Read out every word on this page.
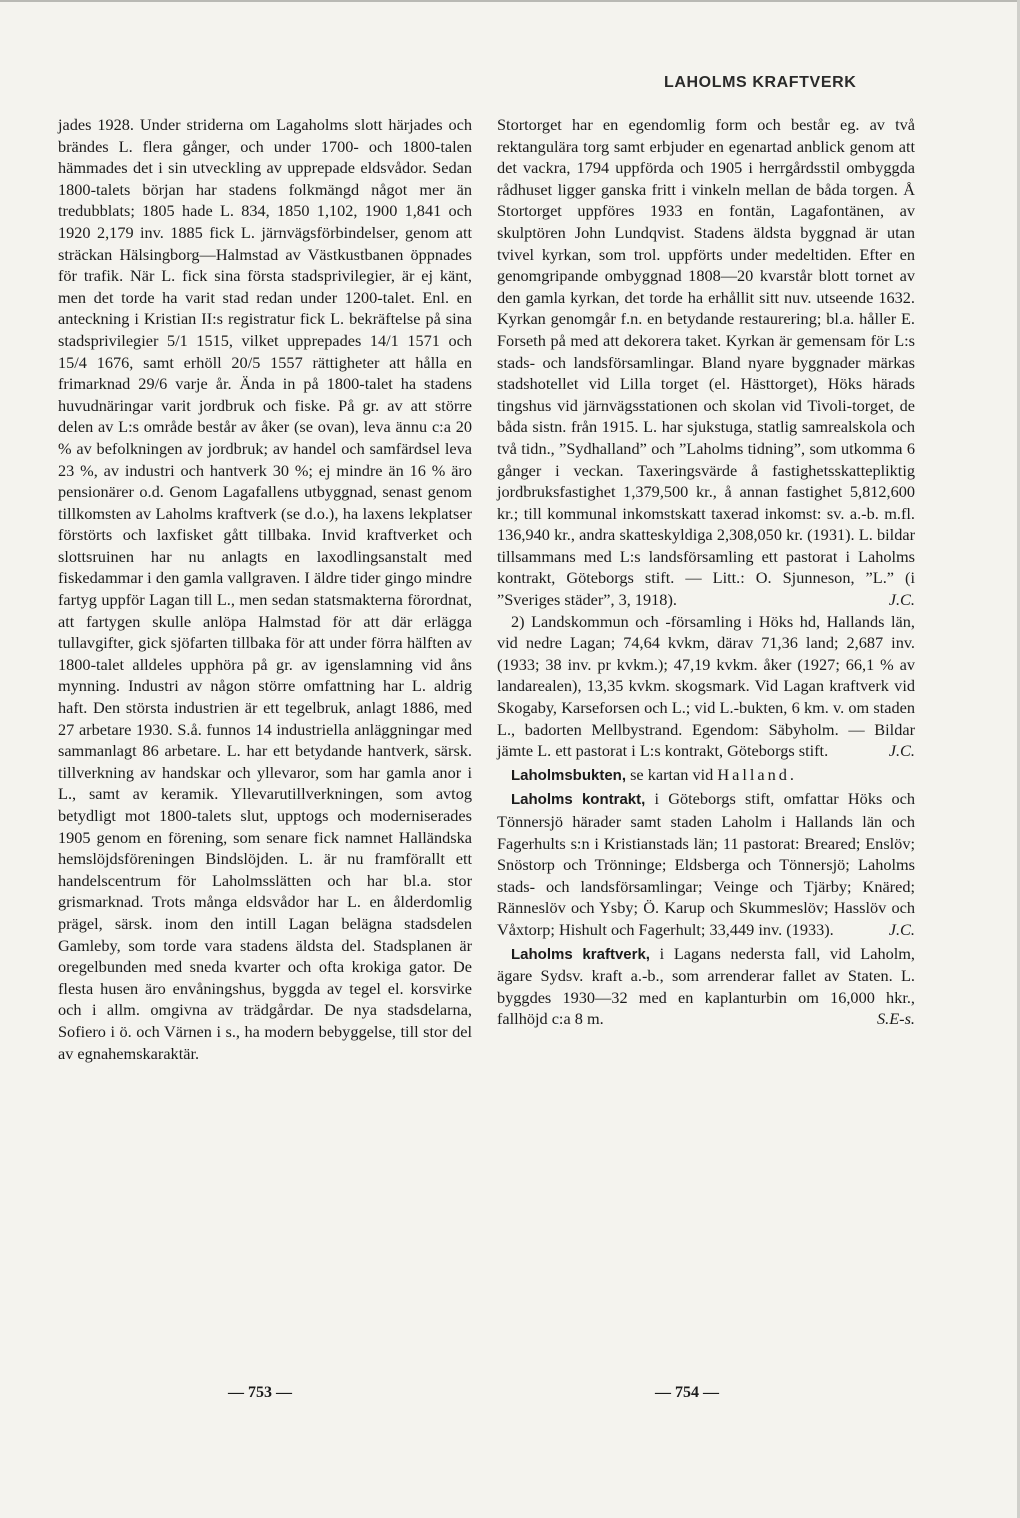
LAHOLMS KRAFTVERK

jades 1928. Under striderna om Lagaholms slott härjades och brändes L. flera gånger, och under 1700- och 1800-talen hämmades det i sin utveckling av upprepade eldsvådor. Sedan 1800-talets början har stadens folkmängd något mer än tredubblats; 1805 hade L. 834, 1850 1,102, 1900 1,841 och 1920 2,179 inv. 1885 fick L. järnvägsförbindelser, genom att sträckan Hälsingborg—Halmstad av Västkustbanen öppnades för trafik. När L. fick sina första stadsprivilegier, är ej känt, men det torde ha varit stad redan under 1200-talet. Enl. en anteckning i Kristian II:s registratur fick L. bekräftelse på sina stadsprivilegier 5/1 1515, vilket upprepades 14/1 1571 och 15/4 1676, samt erhöll 20/5 1557 rättigheter att hålla en frimarknad 29/6 varje år. Ända in på 1800-talet ha stadens huvudnäringar varit jordbruk och fiske. På gr. av att större delen av L:s område består av åker (se ovan), leva ännu c:a 20 % av befolkningen av jordbruk; av handel och samfärdsel leva 23 %, av industri och hantverk 30 %; ej mindre än 16 % äro pensionärer o.d. Genom Lagafallens utbyggnad, senast genom tillkomsten av Laholms kraftverk (se d.o.), ha laxens lekplatser förstörts och laxfisket gått tillbaka. Invid kraftverket och slottsruinen har nu anlagts en laxodlingsanstalt med fiskedammar i den gamla vallgraven. I äldre tider gingo mindre fartyg uppför Lagan till L., men sedan statsmakterna förordnat, att fartygen skulle anlöpa Halmstad för att där erlägga tullavgifter, gick sjöfarten tillbaka för att under förra hälften av 1800-talet alldeles upphöra på gr. av igenslamning vid åns mynning. Industri av någon större omfattning har L. aldrig haft. Den största industrien är ett tegelbruk, anlagt 1886, med 27 arbetare 1930. S.å. funnos 14 industriella anläggningar med sammanlagt 86 arbetare. L. har ett betydande hantverk, särsk. tillverkning av handskar och yllevaror, som har gamla anor i L., samt av keramik. Yllevarutillverkningen, som avtog betydligt mot 1800-talets slut, upptogs och moderniserades 1905 genom en förening, som senare fick namnet Halländska hemslöjdsföreningen Bindslöjden. L. är nu framförallt ett handelscentrum för Laholmsslätten och har bl.a. stor grismarknad. Trots många eldsvådor har L. en ålderdomlig prägel, särsk. inom den intill Lagan belägna stadsdelen Gamleby, som torde vara stadens äldsta del. Stadsplanen är oregelbunden med sneda kvarter och ofta krokiga gator. De flesta husen äro envåningshus, byggda av tegel el. korsvirke och i allm. omgivna av trädgårdar. De nya stadsdelarna, Sofiero i ö. och Värnen i s., ha modern bebyggelse, till stor del av egnahemskaraktär.

Stortorget har en egendomlig form och består eg. av två rektangulära torg samt erbjuder en egenartad anblick genom att det vackra, 1794 uppförda och 1905 i herrgårdsstil ombyggda rådhuset ligger ganska fritt i vinkeln mellan de båda torgen. Å Stortorget uppföres 1933 en fontän, Lagafontänen, av skulptören John Lundqvist. Stadens äldsta byggnad är utan tvivel kyrkan, som trol. uppförts under medeltiden. Efter en genomgripande ombyggnad 1808—20 kvarstår blott tornet av den gamla kyrkan, det torde ha erhållit sitt nuv. utseende 1632. Kyrkan genomgår f.n. en betydande restaurering; bl.a. håller E. Forseth på med att dekorera taket. Kyrkan är gemensam för L:s stads- och landsförsamlingar. Bland nyare byggnader märkas stadshotellet vid Lilla torget (el. Hästtorget), Höks härads tingshus vid järnvägsstationen och skolan vid Tivoli-torget, de båda sistn. från 1915. L. har sjukstuga, statlig samrealskola och två tidn., ”Sydhalland” och ”Laholms tidning”, som utkomma 6 gånger i veckan. Taxeringsvärde å fastighetsskattepliktig jordbruksfastighet 1,379,500 kr., å annan fastighet 5,812,600 kr.; till kommunal inkomstskatt taxerad inkomst: sv. a.-b. m.fl. 136,940 kr., andra skatteskyldiga 2,308,050 kr. (1931). L. bildar tillsammans med L:s landsförsamling ett pastorat i Laholms kontrakt, Göteborgs stift. — Litt.: O. Sjunneson, ”L.” (i ”Sveriges städer”, 3, 1918).	J.C.

2) Landskommun och -församling i Höks hd, Hallands län, vid nedre Lagan; 74,64 kvkm, därav 71,36 land; 2,687 inv. (1933; 38 inv. pr kvkm.); 47,19 kvkm. åker (1927; 66,1 % av landarealen), 13,35 kvkm. skogsmark. Vid Lagan kraftverk vid Skogaby, Karseforsen och L.; vid L.-bukten, 6 km. v. om staden L., badorten Mellbystrand. Egendom: Säbyholm. — Bildar jämte L. ett pastorat i L:s kontrakt, Göteborgs stift.	J.C.

Laholmsbukten, se kartan vid Halland.

Laholms kontrakt, i Göteborgs stift, omfattar Höks och Tönnersjö härader samt staden Laholm i Hallands län och Fagerhults s:n i Kristianstads län; 11 pastorat: Breared; Enslöv; Snöstorp och Trönninge; Eldsberga och Tönnersjö; Laholms stads- och landsförsamlingar; Veinge och Tjärby; Knäred; Ränneslöv och Ysby; Ö. Karup och Skummeslöv; Hasslöv och Våxtorp; Hishult och Fagerhult; 33,449 inv. (1933).	J.C.

Laholms kraftverk, i Lagans nedersta fall, vid Laholm, ägare Sydsv. kraft a.-b., som arrenderar fallet av Staten. L. byggdes 1930—32 med en kaplanturbin om 16,000 hkr., fallhöjd c:a 8 m.	S.E-s.

— 753 —	— 754 —
